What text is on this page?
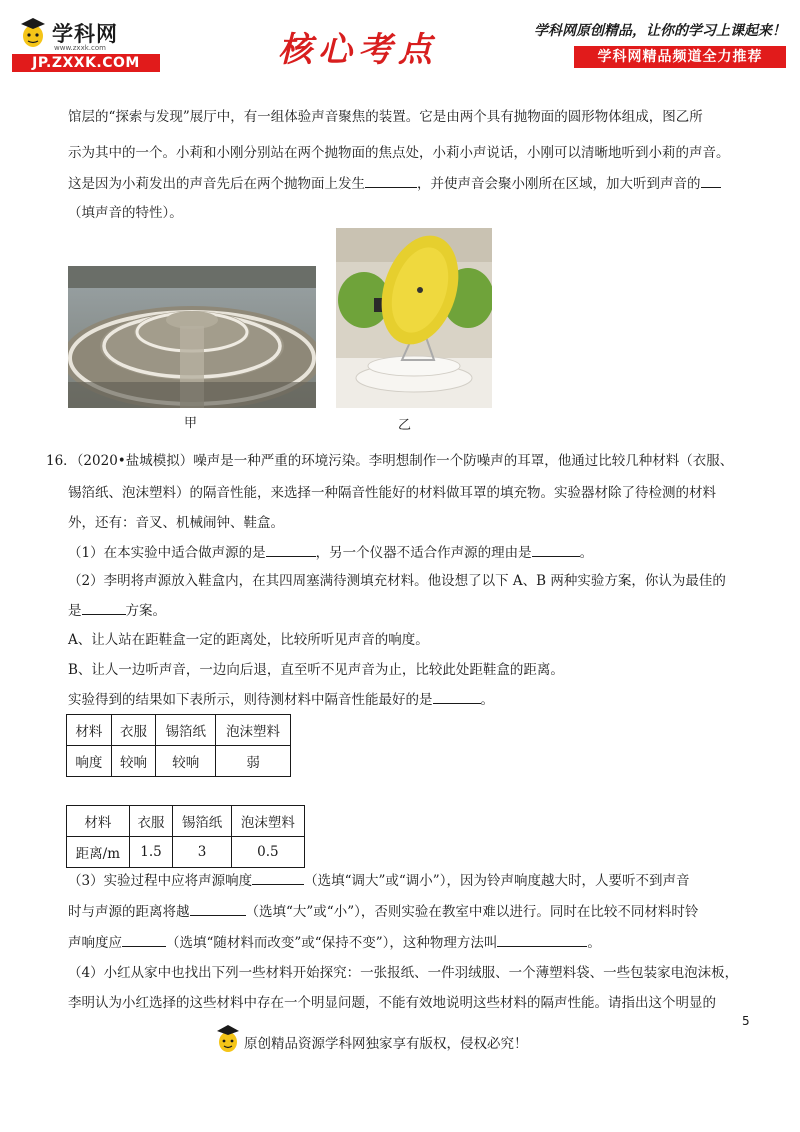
学科网
www.zxxk.com
JP.ZXXK.COM	核心考点	学科网原创精品，让你的学习上课起来！
学科网精品频道全力推荐
馆层的“探索与发现”展厅中，有一组体验声音聚焦的装置。它是由两个具有抛物面的圆形物体组成，图乙所
示为其中的一个。小莉和小刚分别站在两个抛物面的焦点处，小莉小声说话，小刚可以清晰地听到小莉的声音。
这是因为小莉发出的声音先后在两个抛物面上发生	，并使声音会聚小刚所在区域，加大听到声音的
（填声音的特性）。
甲	乙
16．（2020•盐城模拟）噪声是一种严重的环境污染。李明想制作一个防噪声的耳罩，他通过比较几种材料（衣服、
锡箔纸、泡沫塑料）的隔音性能，来选择一种隔音性能好的材料做耳罩的填充物。实验器材除了待检测的材料
外，还有：音叉、机械闹钟、鞋盒。
（1）在本实验中适合做声源的是	，另一个仪器不适合作声源的理由是	。
（2）李明将声源放入鞋盒内，在其四周塞满待测填充材料。他设想了以下 A、B 两种实验方案，你认为最佳的
是	方案。
A、让人站在距鞋盒一定的距离处，比较所听见声音的响度。
B、让人一边听声音，一边向后退，直至听不见声音为止，比较此处距鞋盒的距离。
实验得到的结果如下表所示，则待测材料中隔音性能最好的是	。
材料	衣服	锡箔纸	泡沫塑料
响度	较响	较响	弱
材料	衣服	锡箔纸	泡沫塑料
距离/m	1.5	3	0.5
（3）实验过程中应将声源响度	（选填“调大”或“调小”），因为铃声响度越大时，人要听不到声音
时与声源的距离将越	（选填“大”或“小”），否则实验在教室中难以进行。同时在比较不同材料时铃
声响度应	（选填“随材料而改变”或“保持不变”），这种物理方法叫	。
（4）小红从家中也找出下列一些材料开始探究：一张报纸、一件羽绒服、一个薄塑料袋、一些包装家电泡沫板，
李明认为小红选择的这些材料中存在一个明显问题，不能有效地说明这些材料的隔声性能。请指出这个明显的
5
原创精品资源学科网独家享有版权，侵权必究！
